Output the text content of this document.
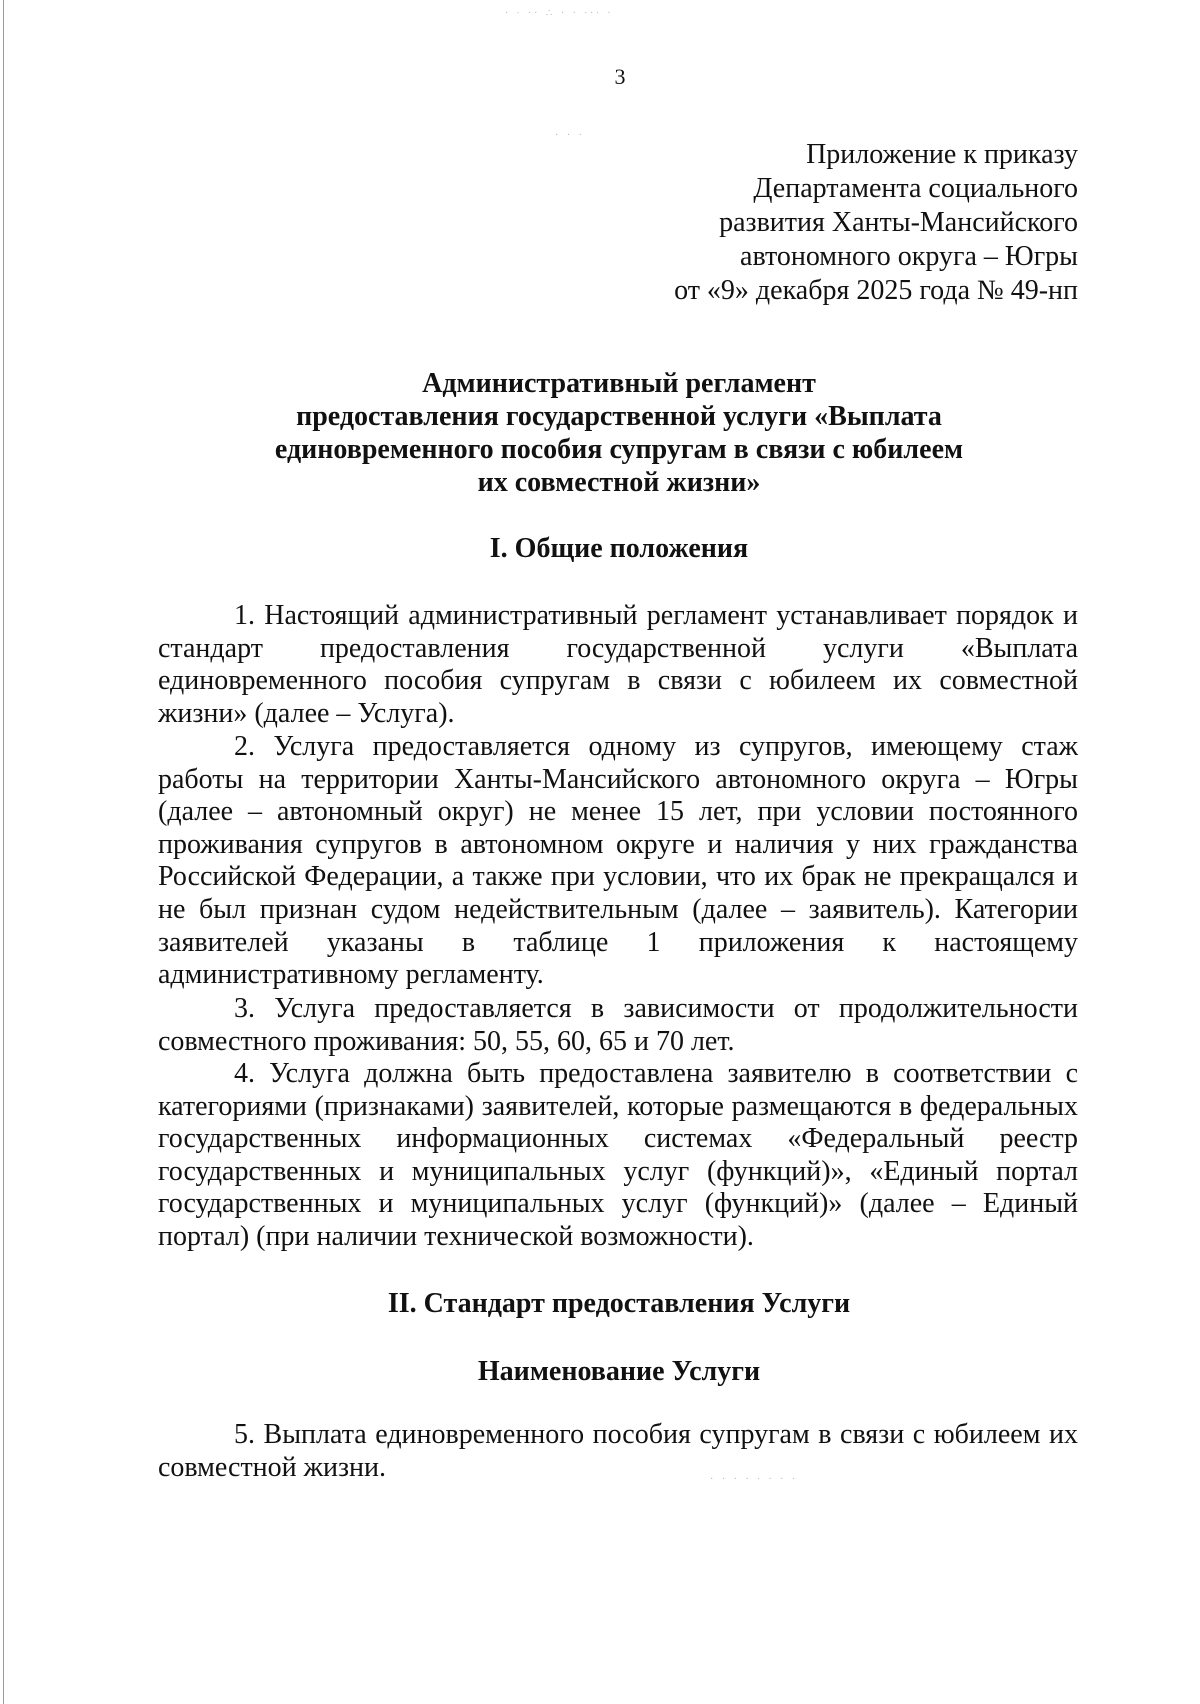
· ∙ ·· ∴ · · ∙·∙ ·
· · ·
· · · · ∙ · · ·
3
Приложение к приказу
Департамента социального
развития Ханты-Мансийского
автономного округа – Югры
от «9» декабря 2025 года № 49-нп
Административный регламент
предоставления государственной услуги «Выплата
единовременного пособия супругам в связи с юбилеем
их совместной жизни»
I. Общие положения

1. Настоящий административный регламент устанавливает порядок и стандарт предоставления государственной услуги «Выплата единовременного пособия супругам в связи с юбилеем их совместной жизни» (далее – Услуга).

2. Услуга предоставляется одному из супругов, имеющему стаж работы на территории Ханты-Мансийского автономного округа – Югры (далее – автономный округ) не менее 15 лет, при условии постоянного проживания супругов в автономном округе и наличия у них гражданства Российской Федерации, а также при условии, что их брак не прекращался и не был признан судом недействительным (далее – заявитель). Категории заявителей указаны в таблице 1 приложения к настоящему административному регламенту.

3. Услуга предоставляется в зависимости от продолжительности совместного проживания: 50, 55, 60, 65 и 70 лет.

4. Услуга должна быть предоставлена заявителю в соответствии с категориями (признаками) заявителей, которые размещаются в федеральных государственных информационных системах «Федеральный реестр государственных и муниципальных услуг (функций)», «Единый портал государственных и муниципальных услуг (функций)» (далее – Единый портал) (при наличии технической возможности).

II. Стандарт предоставления Услуги
Наименование Услуги

5. Выплата единовременного пособия супругам в связи с юбилеем их совместной жизни.
